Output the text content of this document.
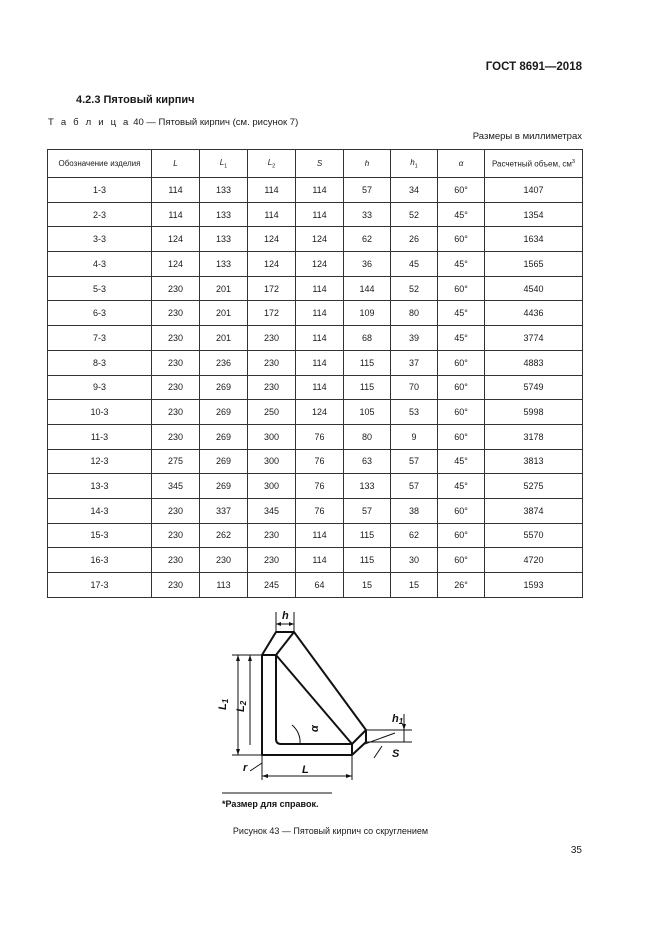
ГОСТ 8691—2018
4.2.3 Пятовый кирпич
Т а б л и ц а 40 — Пятовый кирпич (см. рисунок 7)
Размеры в миллиметрах
Обозначение изделия	L	$L_1$	$L_2$	S	h	$h_1$	α	Расчетный объем, $см^3$
1-3	114	133	114	114	57	34	60°	1407
2-3	114	133	114	114	33	52	45°	1354
3-3	124	133	124	124	62	26	60°	1634
4-3	124	133	124	124	36	45	45°	1565
5-3	230	201	172	114	144	52	60°	4540
6-3	230	201	172	114	109	80	45°	4436
7-3	230	201	230	114	68	39	45°	3774
8-3	230	236	230	114	115	37	60°	4883
9-3	230	269	230	114	115	70	60°	5749
10-3	230	269	250	124	105	53	60°	5998
11-3	230	269	300	76	80	9	60°	3178
12-3	275	269	300	76	63	57	45°	3813
13-3	345	269	300	76	133	57	45°	5275
14-3	230	337	345	76	57	38	60°	3874
15-3	230	262	230	114	115	62	60°	5570
16-3	230	230	230	114	115	30	60°	4720
17-3	230	113	245	64	15	15	26°	1593
h
L1
L2
α
h1
S
L
r
*Размер для справок.
Рисунок 43 — Пятовый кирпич со скруглением
35
